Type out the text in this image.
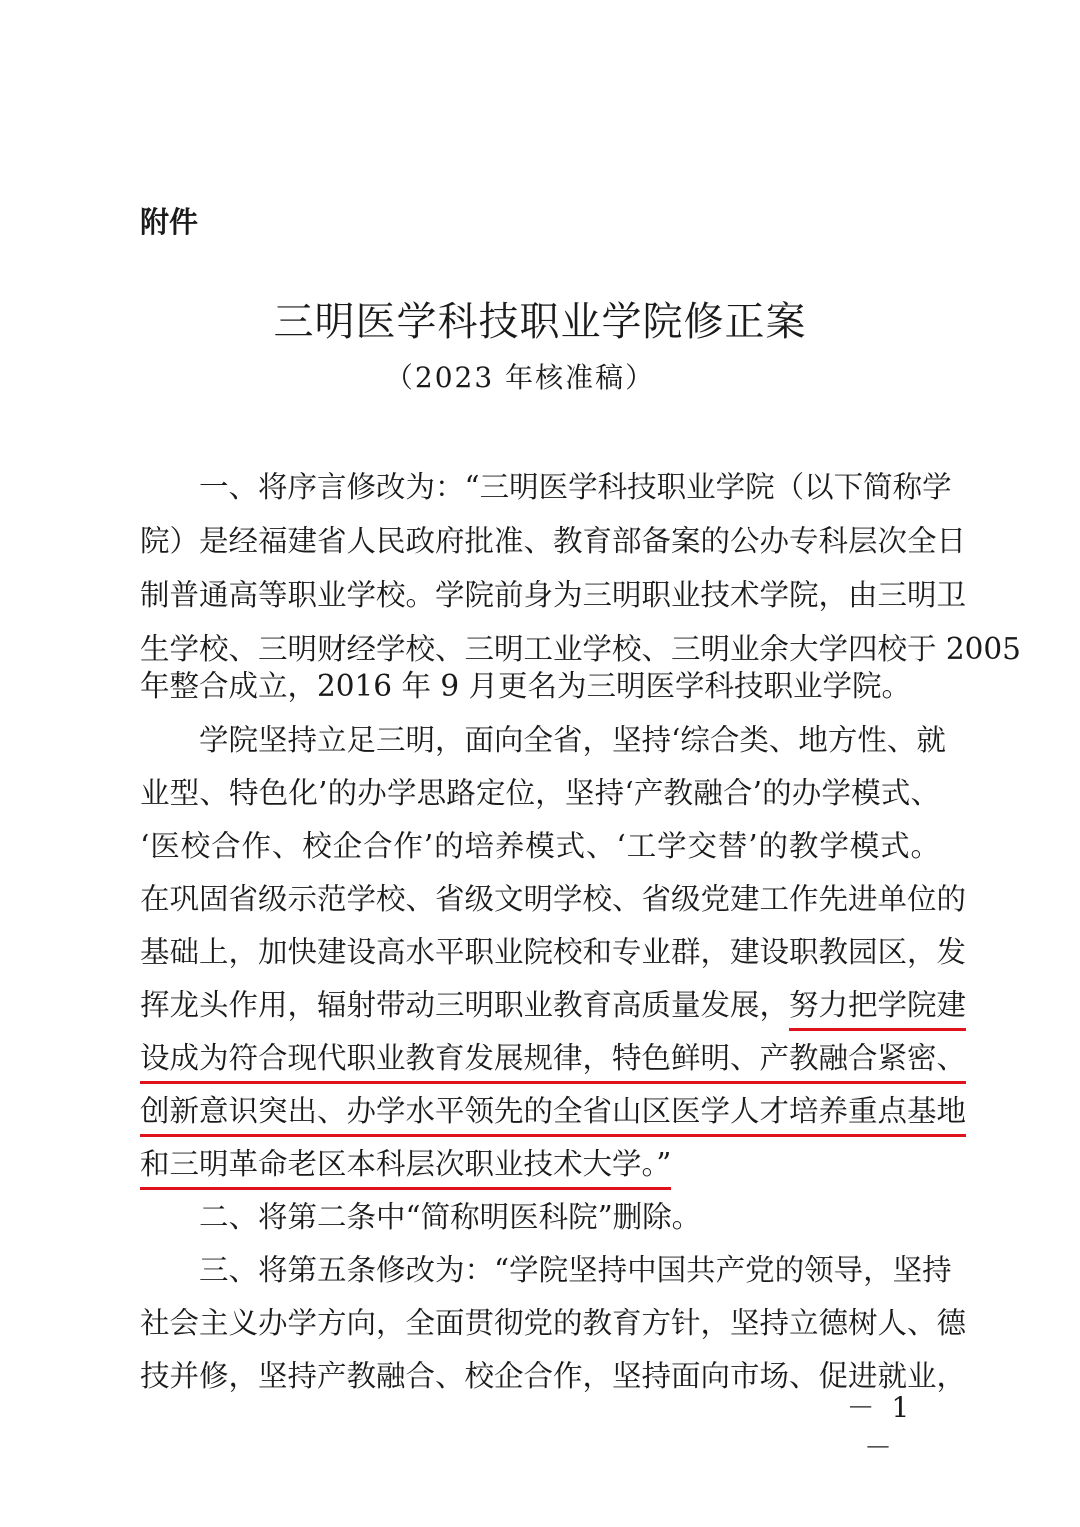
附件
三明医学科技职业学院修正案
（2023 年核准稿）
一、将序言修改为：“三明医学科技职业学院（以下简称学
院）是经福建省人民政府批准、教育部备案的公办专科层次全日
制普通高等职业学校。学院前身为三明职业技术学院，由三明卫
生学校、三明财经学校、三明工业学校、三明业余大学四校于 2005
年整合成立，2016 年 9 月更名为三明医学科技职业学院。
学院坚持立足三明，面向全省，坚持‘综合类、地方性、就
业型、特色化’的办学思路定位，坚持‘产教融合’的办学模式、
‘医校合作、校企合作’的培养模式、‘工学交替’的教学模式。
在巩固省级示范学校、省级文明学校、省级党建工作先进单位的
基础上，加快建设高水平职业院校和专业群，建设职教园区，发
挥龙头作用，辐射带动三明职业教育高质量发展，努力把学院建
设成为符合现代职业教育发展规律，特色鲜明、产教融合紧密、
创新意识突出、办学水平领先的全省山区医学人才培养重点基地
和三明革命老区本科层次职业技术大学。”
二、将第二条中“简称明医科院”删除。
三、将第五条修改为：“学院坚持中国共产党的领导，坚持
社会主义办学方向，全面贯彻党的教育方针，坚持立德树人、德
技并修，坚持产教融合、校企合作，坚持面向市场、促进就业，
－ 1 －
